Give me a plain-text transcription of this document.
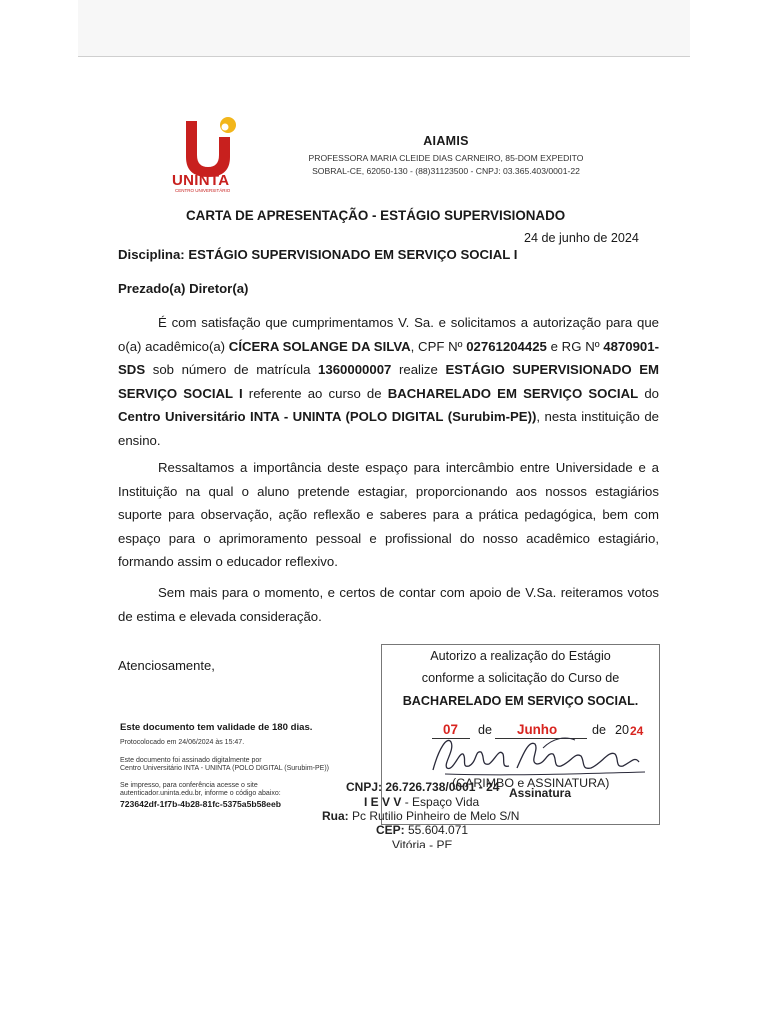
UNINTA
CENTRO UNIVERSITÁRIO
AIAMIS
PROFESSORA MARIA CLEIDE DIAS CARNEIRO, 85-DOM EXPEDITO
SOBRAL-CE, 62050-130 - (88)31123500 - CNPJ: 03.365.403/0001-22
CARTA DE APRESENTAÇÃO - ESTÁGIO SUPERVISIONADO
24 de junho de 2024
Disciplina: ESTÁGIO SUPERVISIONADO EM SERVIÇO SOCIAL I
Prezado(a) Diretor(a)

É com satisfação que cumprimentamos V. Sa. e solicitamos a autorização para que o(a) acadêmico(a) CÍCERA SOLANGE DA SILVA, CPF Nº 02761204425 e RG Nº 4870901-SDS sob número de matrícula 1360000007 realize ESTÁGIO SUPERVISIONADO EM SERVIÇO SOCIAL I referente ao curso de BACHARELADO EM SERVIÇO SOCIAL do Centro Universitário INTA - UNINTA (POLO DIGITAL (Surubim-PE)), nesta instituição de ensino.

Ressaltamos a importância deste espaço para intercâmbio entre Universidade e a Instituição na qual o aluno pretende estagiar, proporcionando aos nossos estagiários suporte para observação, ação reflexão e saberes para a prática pedagógica, bem com espaço para o aprimoramento pessoal e profissional do nosso acadêmico estagiário, formando assim o educador reflexivo.

Sem mais para o momento, e certos de contar com apoio de V.Sa. reiteramos votos de estima e elevada consideração.

Atenciosamente,
Este documento tem validade de 180 dias.
Protocolocado em 24/06/2024 às 15:47.
Este documento foi assinado digitalmente por
Centro Universitário INTA - UNINTA (POLO DIGITAL (Surubim-PE))
Se impresso, para conferência acesse o site
autenticador.uninta.edu.br, informe o código abaixo:
723642df-1f7b-4b28-81fc-5375a5b58eeb
Autorizo a realização do Estágio
conforme a solicitação do Curso de
BACHARELADO EM SERVIÇO SOCIAL.
07 de Junho	de 20 24
(CARIMBO e ASSINATURA)
CNPJ: 26.726.738/0001 - 24 Assinatura
I E V V - Espaço Vida
Rua: Pc Rutilio Pinheiro de Melo S/N
CEP: 55.604.071
Vitória - PE
